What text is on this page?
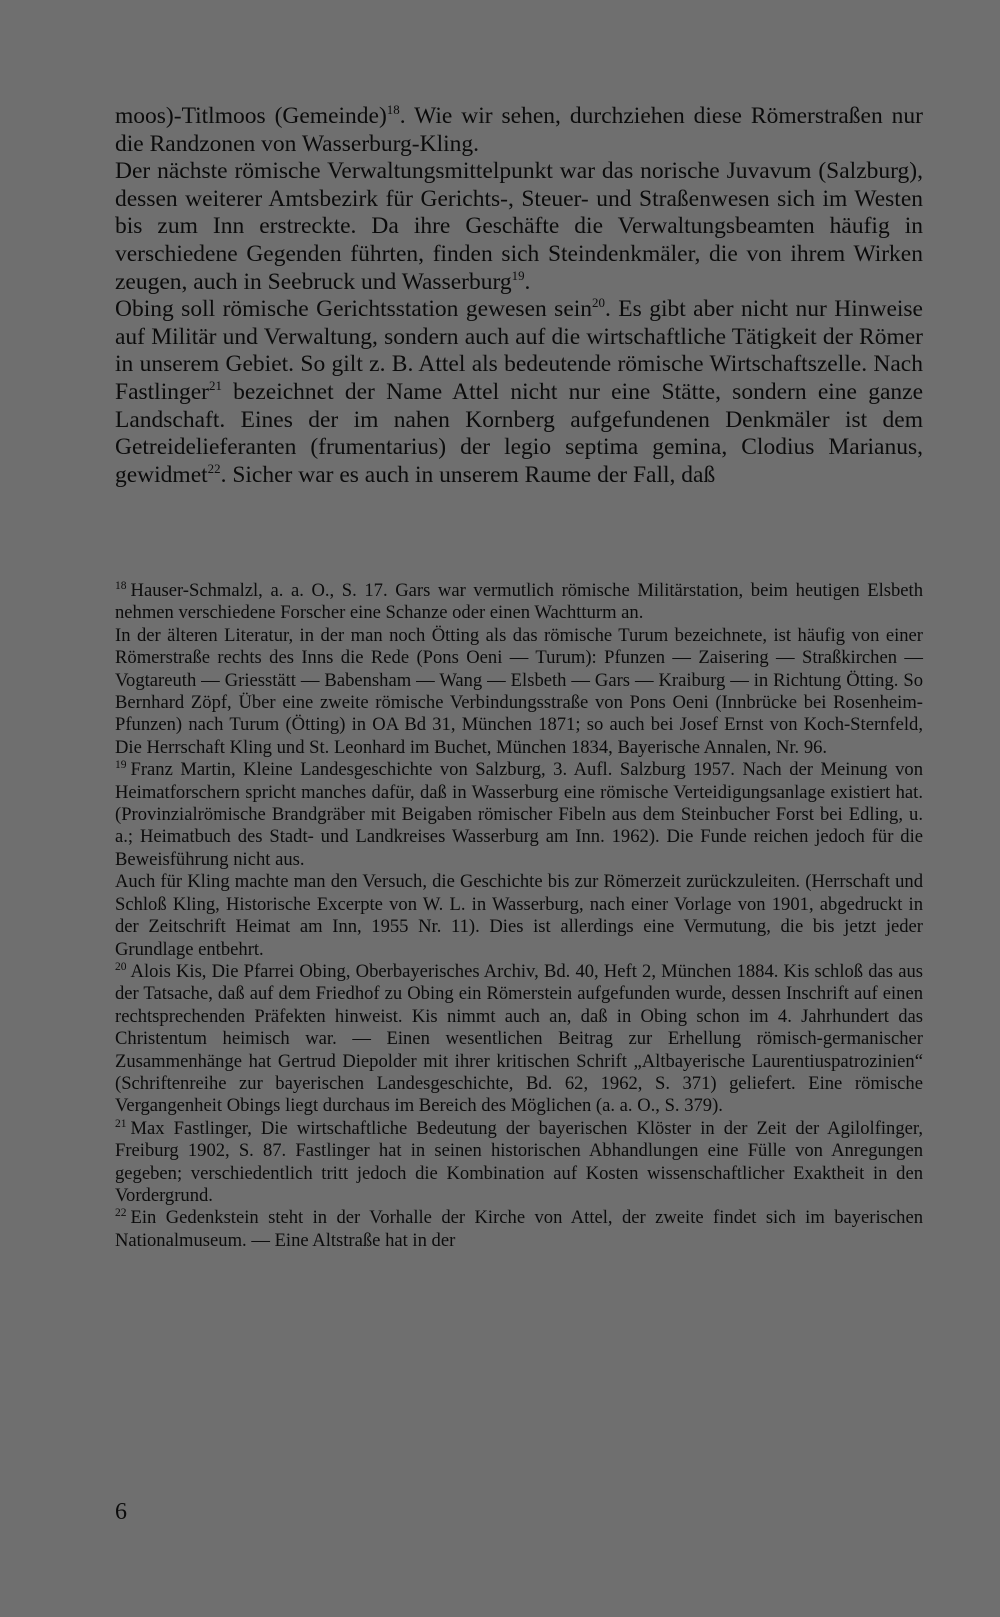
moos)-Titlmoos (Gemeinde)$^{18}$. Wie wir sehen, durchziehen diese Römerstraßen nur die Randzonen von Wasserburg-Kling.

Der nächste römische Verwaltungsmittelpunkt war das norische Juvavum (Salzburg), dessen weiterer Amtsbezirk für Gerichts-, Steuer- und Straßenwesen sich im Westen bis zum Inn erstreckte. Da ihre Geschäfte die Verwaltungsbeamten häufig in verschiedene Gegenden führten, finden sich Steindenkmäler, die von ihrem Wirken zeugen, auch in Seebruck und Wasserburg$^{19}$.

Obing soll römische Gerichtsstation gewesen sein$^{20}$. Es gibt aber nicht nur Hinweise auf Militär und Verwaltung, sondern auch auf die wirtschaftliche Tätigkeit der Römer in unserem Gebiet. So gilt z. B. Attel als bedeutende römische Wirtschaftszelle. Nach Fastlinger$^{21}$ bezeichnet der Name Attel nicht nur eine Stätte, sondern eine ganze Landschaft. Eines der im nahen Kornberg aufgefundenen Denkmäler ist dem Getreidelieferanten (frumentarius) der legio septima gemina, Clodius Marianus, gewidmet$^{22}$. Sicher war es auch in unserem Raume der Fall, daß

$^{18}$ Hauser-Schmalzl, a. a. O., S. 17. Gars war vermutlich römische Militärstation, beim heutigen Elsbeth nehmen verschiedene Forscher eine Schanze oder einen Wachtturm an.

In der älteren Literatur, in der man noch Ötting als das römische Turum bezeichnete, ist häufig von einer Römerstraße rechts des Inns die Rede (Pons Oeni — Turum): Pfunzen — Zaisering — Straßkirchen — Vogtareuth — Griesstätt — Babensham — Wang — Elsbeth — Gars — Kraiburg — in Richtung Ötting. So Bernhard Zöpf, Über eine zweite römische Verbindungsstraße von Pons Oeni (Innbrücke bei Rosenheim-Pfunzen) nach Turum (Ötting) in OA Bd 31, München 1871; so auch bei Josef Ernst von Koch-Sternfeld, Die Herrschaft Kling und St. Leonhard im Buchet, München 1834, Bayerische Annalen, Nr. 96.

$^{19}$ Franz Martin, Kleine Landesgeschichte von Salzburg, 3. Aufl. Salzburg 1957. Nach der Meinung von Heimatforschern spricht manches dafür, daß in Wasserburg eine römische Verteidigungsanlage existiert hat. (Provinzialrömische Brandgräber mit Beigaben römischer Fibeln aus dem Steinbucher Forst bei Edling, u. a.; Heimatbuch des Stadt- und Landkreises Wasserburg am Inn. 1962). Die Funde reichen jedoch für die Beweisführung nicht aus.

Auch für Kling machte man den Versuch, die Geschichte bis zur Römerzeit zurückzuleiten. (Herrschaft und Schloß Kling, Historische Excerpte von W. L. in Wasserburg, nach einer Vorlage von 1901, abgedruckt in der Zeitschrift Heimat am Inn, 1955 Nr. 11). Dies ist allerdings eine Vermutung, die bis jetzt jeder Grundlage entbehrt.

$^{20}$ Alois Kis, Die Pfarrei Obing, Oberbayerisches Archiv, Bd. 40, Heft 2, München 1884. Kis schloß das aus der Tatsache, daß auf dem Friedhof zu Obing ein Römerstein aufgefunden wurde, dessen Inschrift auf einen rechtsprechenden Präfekten hinweist. Kis nimmt auch an, daß in Obing schon im 4. Jahrhundert das Christentum heimisch war. — Einen wesentlichen Beitrag zur Erhellung römisch-germanischer Zusammenhänge hat Gertrud Diepolder mit ihrer kritischen Schrift „Altbayerische Laurentiuspatrozinien“ (Schriftenreihe zur bayerischen Landesgeschichte, Bd. 62, 1962, S. 371) geliefert. Eine römische Vergangenheit Obings liegt durchaus im Bereich des Möglichen (a. a. O., S. 379).

$^{21}$ Max Fastlinger, Die wirtschaftliche Bedeutung der bayerischen Klöster in der Zeit der Agilolfinger, Freiburg 1902, S. 87. Fastlinger hat in seinen historischen Abhandlungen eine Fülle von Anregungen gegeben; verschiedentlich tritt jedoch die Kombination auf Kosten wissenschaftlicher Exaktheit in den Vordergrund.

$^{22}$ Ein Gedenkstein steht in der Vorhalle der Kirche von Attel, der zweite findet sich im bayerischen Nationalmuseum. — Eine Altstraße hat in der

6
